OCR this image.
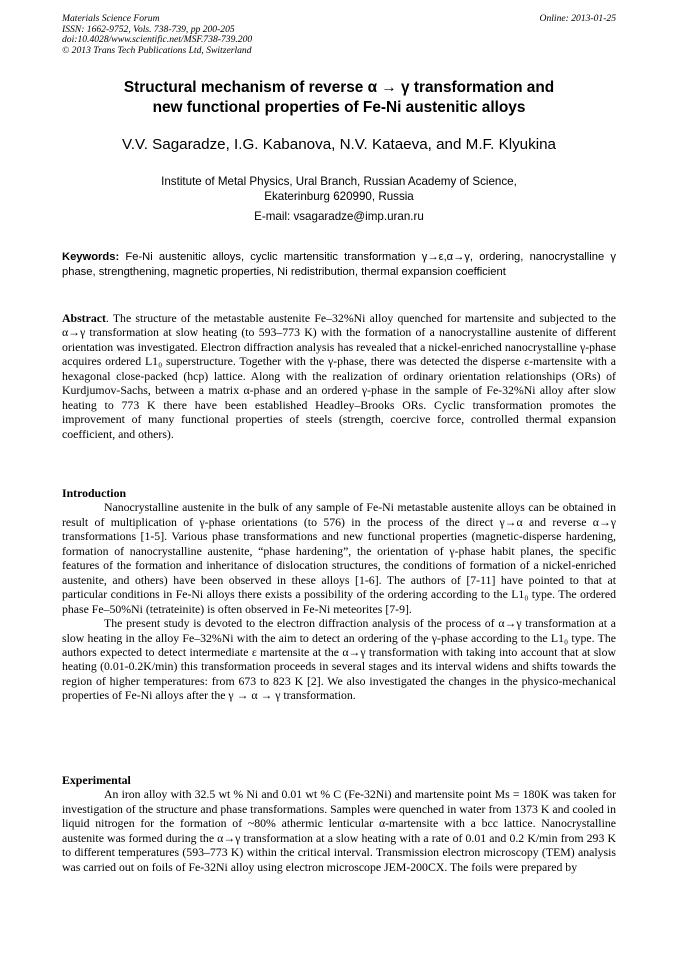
Materials Science Forum
ISSN: 1662-9752, Vols. 738-739, pp 200-205
doi:10.4028/www.scientific.net/MSF.738-739.200
© 2013 Trans Tech Publications Ltd, Switzerland
Online: 2013-01-25
Structural mechanism of reverse α → γ transformation and
new functional properties of Fe-Ni austenitic alloys
V.V. Sagaradze, I.G. Kabanova, N.V. Kataeva, and M.F. Klyukina
Institute of Metal Physics, Ural Branch, Russian Academy of Science,
Ekaterinburg 620990, Russia
E-mail: vsagaradze@imp.uran.ru
Keywords: Fe-Ni austenitic alloys, cyclic martensitic transformation γ→ε,α→γ, ordering, nanocrystalline γ phase, strengthening, magnetic properties, Ni redistribution, thermal expansion coefficient

Abstract. The structure of the metastable austenite Fe–32%Ni alloy quenched for martensite and subjected to the α→γ transformation at slow heating (to 593–773 K) with the formation of a nanocrystalline austenite of different orientation was investigated. Electron diffraction analysis has revealed that a nickel-enriched nanocrystalline γ-phase acquires ordered L1₀ superstructure. Together with the γ-phase, there was detected the disperse ε-martensite with a hexagonal close-packed (hcp) lattice. Along with the realization of ordinary orientation relationships (ORs) of Kurdjumov-Sachs, between a matrix α-phase and an ordered γ-phase in the sample of Fe-32%Ni alloy after slow heating to 773 K there have been established Headley–Brooks ORs. Cyclic transformation promotes the improvement of many functional properties of steels (strength, coercive force, controlled thermal expansion coefficient, and others).

Introduction

Nanocrystalline austenite in the bulk of any sample of Fe-Ni metastable austenite alloys can be obtained in result of multiplication of γ-phase orientations (to 576) in the process of the direct γ→α and reverse α→γ transformations [1-5]. Various phase transformations and new functional properties (magnetic-disperse hardening, formation of nanocrystalline austenite, “phase hardening”, the orientation of γ-phase habit planes, the specific features of the formation and inheritance of dislocation structures, the conditions of formation of a nickel-enriched austenite, and others) have been observed in these alloys [1-6]. The authors of [7-11] have pointed to that at particular conditions in Fe-Ni alloys there exists a possibility of the ordering according to the L1₀ type. The ordered phase Fe–50%Ni (tetrateinite) is often observed in Fe-Ni meteorites [7-9].

The present study is devoted to the electron diffraction analysis of the process of α→γ transformation at a slow heating in the alloy Fe–32%Ni with the aim to detect an ordering of the γ-phase according to the L1₀ type. The authors expected to detect intermediate ε martensite at the α→γ transformation with taking into account that at slow heating (0.01-0.2K/min) this transformation proceeds in several stages and its interval widens and shifts towards the region of higher temperatures: from 673 to 823 K [2]. We also investigated the changes in the physico-mechanical properties of Fe-Ni alloys after the γ → α → γ transformation.

Experimental

An iron alloy with 32.5 wt % Ni and 0.01 wt % C (Fe-32Ni) and martensite point Ms = 180K was taken for investigation of the structure and phase transformations. Samples were quenched in water from 1373 K and cooled in liquid nitrogen for the formation of ~80% athermic lenticular α-martensite with a bcc lattice. Nanocrystalline austenite was formed during the α→γ transformation at a slow heating with a rate of 0.01 and 0.2 K/min from 293 K to different temperatures (593–773 K) within the critical interval. Transmission electron microscopy (TEM) analysis was carried out on foils of Fe-32Ni alloy using electron microscope JEM-200CX. The foils were prepared by
